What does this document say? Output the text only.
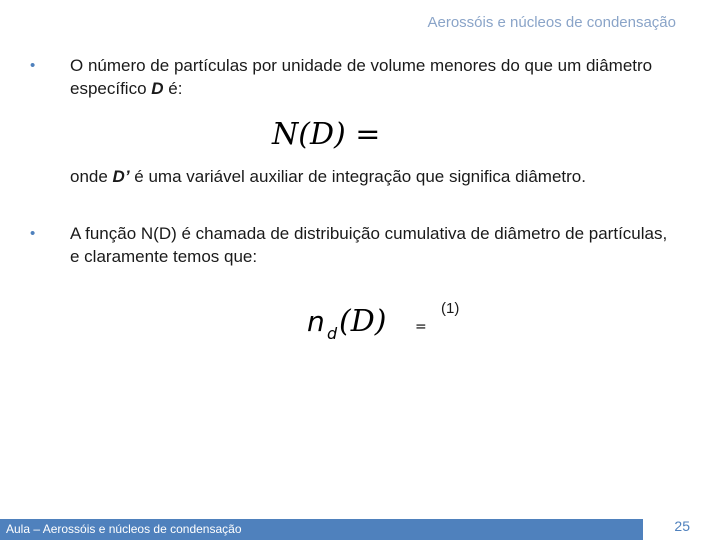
Aerossóis e núcleos de condensação
• O número de partículas por unidade de volume menores do que um diâmetro específico D é:
N(D) =
onde D’ é uma variável auxiliar de integração que significa diâmetro.
• A função N(D) é chamada de distribuição cumulativa de diâmetro de partículas, e claramente temos que:
n d (D) =
(1)
Aula – Aerossóis e núcleos de condensação	25
